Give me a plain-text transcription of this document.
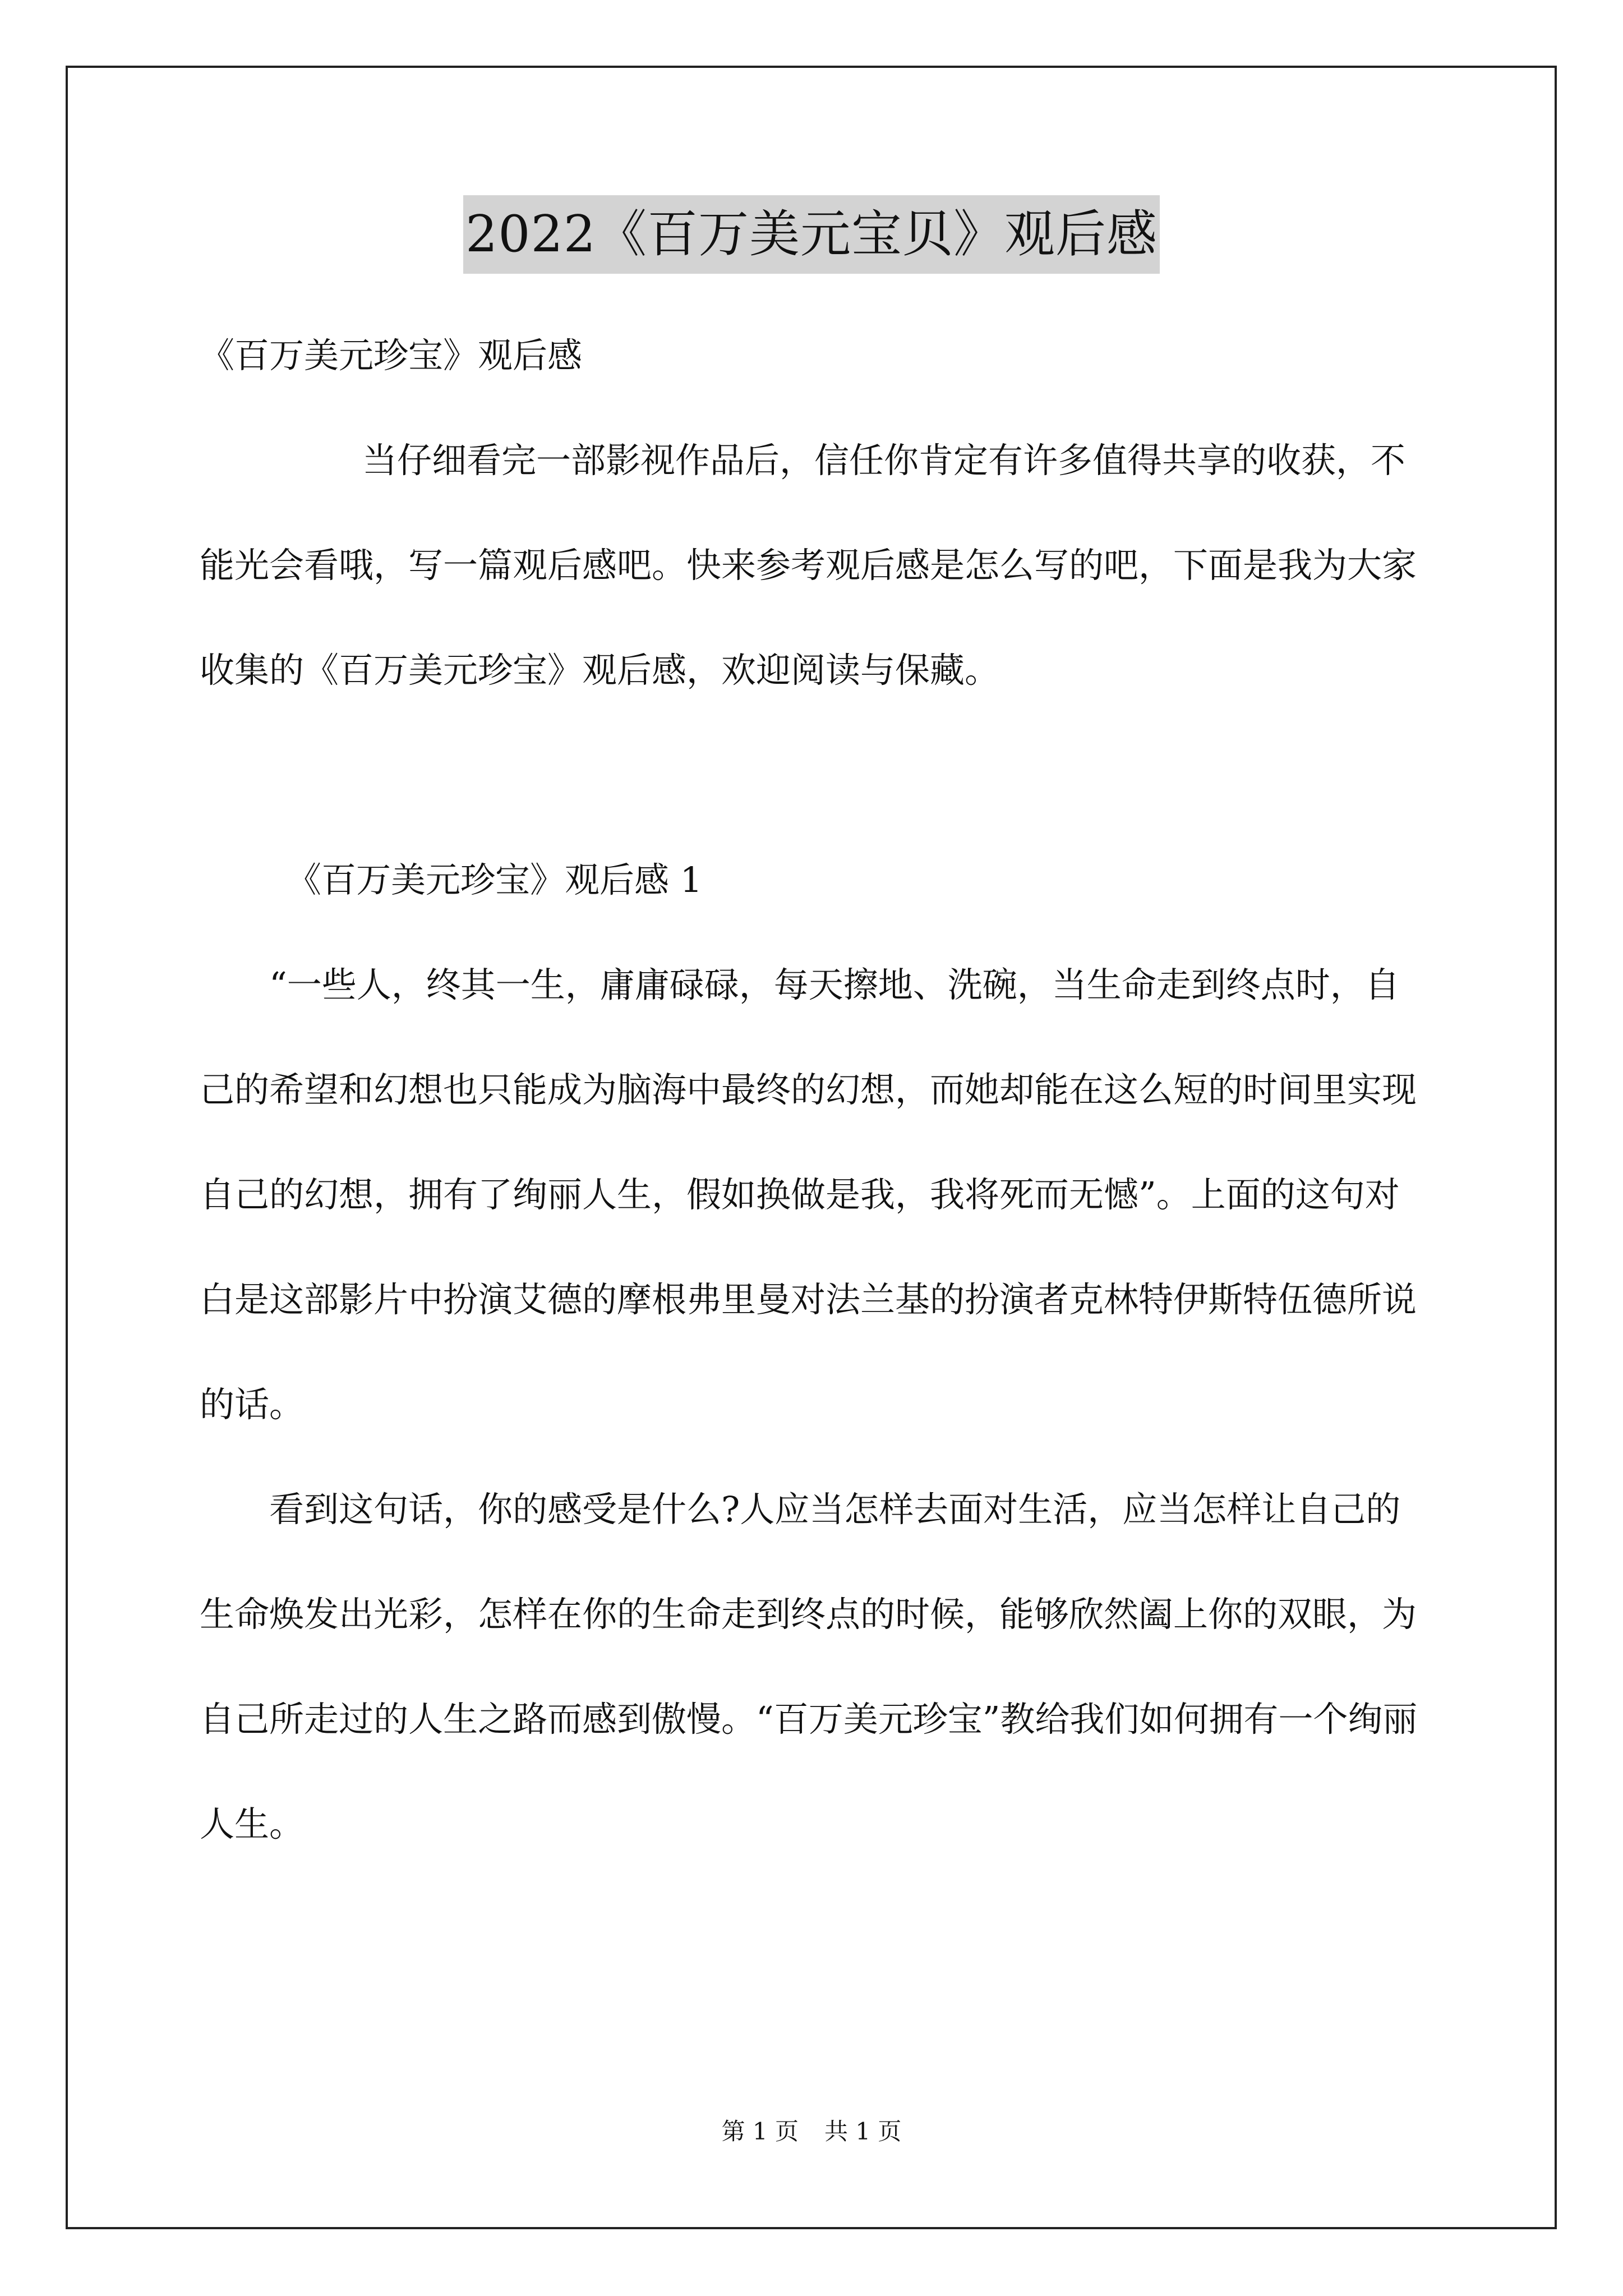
2022《百万美元宝贝》观后感

《百万美元珍宝》观后感

当仔细看完一部影视作品后，信任你肯定有许多值得共享的收获，不能光会看哦，写一篇观后感吧。快来参考观后感是怎么写的吧，下面是我为大家收集的《百万美元珍宝》观后感，欢迎阅读与保藏。

《百万美元珍宝》观后感 1

“一些人，终其一生，庸庸碌碌，每天擦地、洗碗，当生命走到终点时，自己的希望和幻想也只能成为脑海中最终的幻想，而她却能在这么短的时间里实现自己的幻想，拥有了绚丽人生，假如换做是我，我将死而无憾”。上面的这句对白是这部影片中扮演艾德的摩根弗里曼对法兰基的扮演者克林特伊斯特伍德所说的话。

看到这句话，你的感受是什么?人应当怎样去面对生活，应当怎样让自己的生命焕发出光彩，怎样在你的生命走到终点的时候，能够欣然阖上你的双眼，为自己所走过的人生之路而感到傲慢。“百万美元珍宝”教给我们如何拥有一个绚丽人生。

第 1 页 共 1 页
